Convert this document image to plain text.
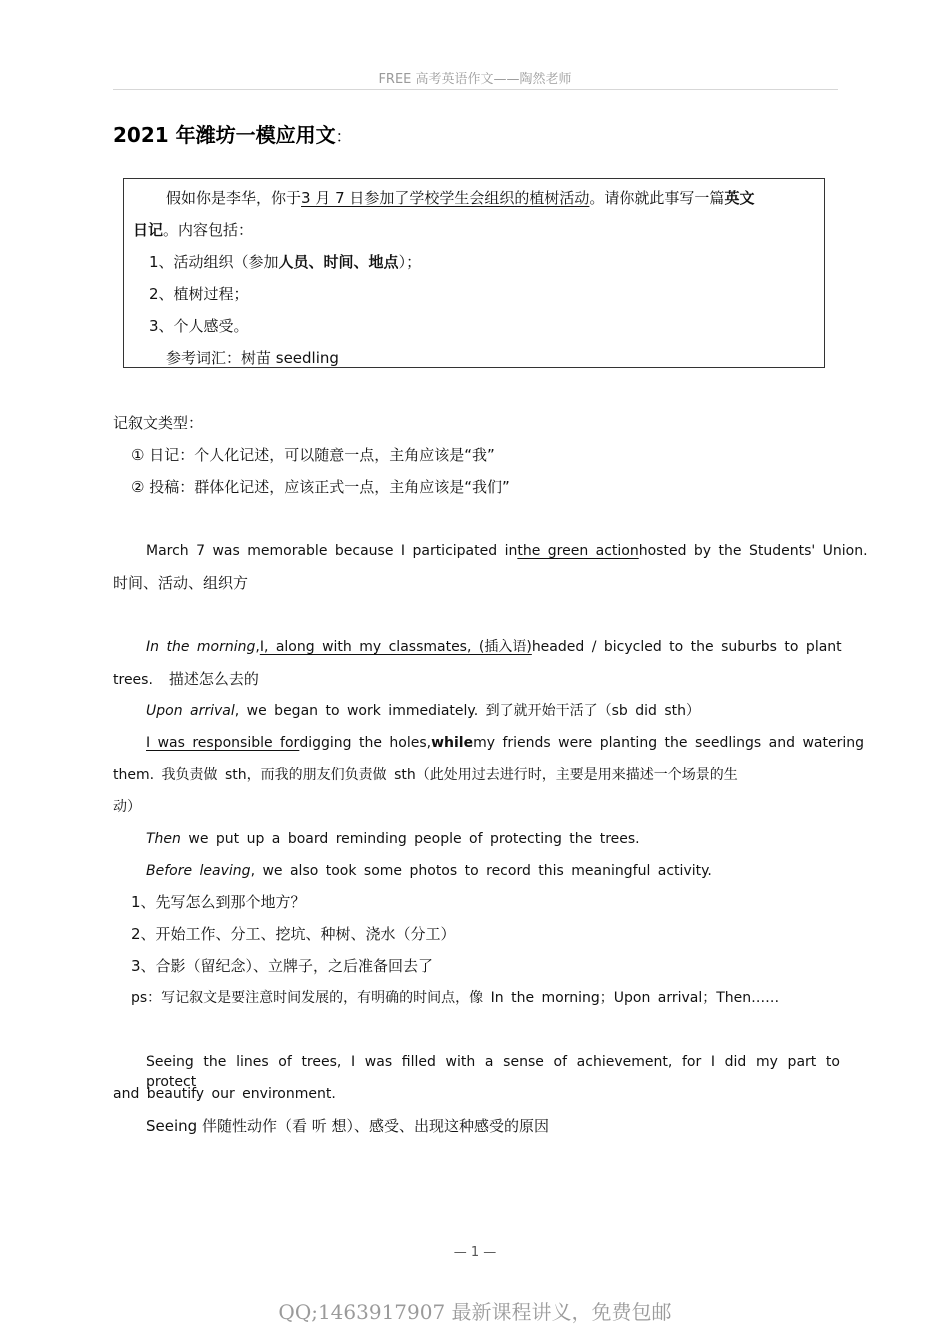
FREE 高考英语作文——陶然老师
2021 年潍坊一模应用文：
假如你是李华，你于3 月 7 日参加了学校学生会组织的植树活动。请你就此事写一篇英文
日记。内容包括：
1、活动组织（参加人员、时间、地点）；
2、植树过程；
3、个人感受。
参考词汇：树苗 seedling
记叙文类型：
① 日记：个人化记述，可以随意一点，主角应该是“我”
② 投稿：群体化记述，应该正式一点，主角应该是“我们”
March 7 was memorable because I participated in the green action hosted by the Students' Union.
时间、活动、组织方
In the morning, I, along with my classmates, (插入语) headed / bicycled to the suburbs to plant
trees. 描述怎么去的
Upon arrival, we began to work immediately. 到了就开始干活了（sb did sth）
I was responsible for digging the holes, while my friends were planting the seedlings and watering
them. 我负责做 sth，而我的朋友们负责做 sth（此处用过去进行时，主要是用来描述一个场景的生
动）
Then we put up a board reminding people of protecting the trees.
Before leaving, we also took some photos to record this meaningful activity.
1、先写怎么到那个地方？
2、开始工作、分工、挖坑、种树、浇水（分工）
3、合影（留纪念）、立牌子，之后准备回去了
ps：写记叙文是要注意时间发展的，有明确的时间点，像 In the morning；Upon arrival；Then……
Seeing the lines of trees, I was filled with a sense of achievement, for I did my part to protect
and beautify our environment.
Seeing 伴随性动作（看 听 想）、感受、出现这种感受的原因
— 1 —
QQ;1463917907 最新课程讲义，免费包邮
